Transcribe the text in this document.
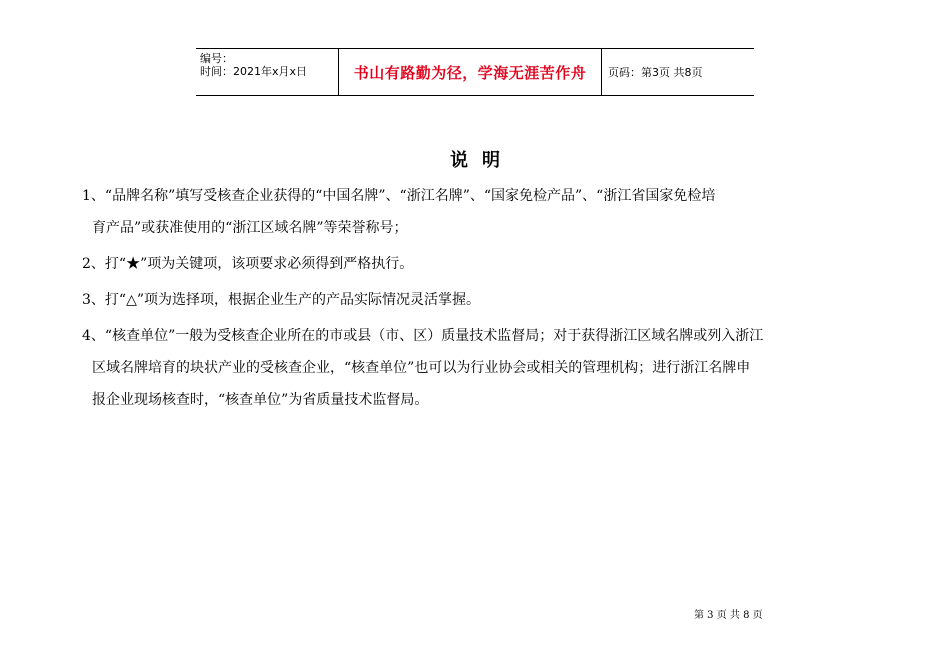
编号：
时间：2021年x月x日	书山有路勤为径，学海无涯苦作舟	页码：第3页 共8页
说明
1、“品牌名称”填写受核查企业获得的“中国名牌”、“浙江名牌”、“国家免检产品”、“浙江省国家免检培
育产品”或获准使用的“浙江区域名牌”等荣誉称号；
2、打“★”项为关键项，该项要求必须得到严格执行。
3、打“△”项为选择项，根据企业生产的产品实际情况灵活掌握。
4、“核查单位”一般为受核查企业所在的市或县（市、区）质量技术监督局；对于获得浙江区域名牌或列入浙江
区域名牌培育的块状产业的受核查企业，“核查单位”也可以为行业协会或相关的管理机构；进行浙江名牌申
报企业现场核查时，“核查单位”为省质量技术监督局。
第 3 页 共 8 页
